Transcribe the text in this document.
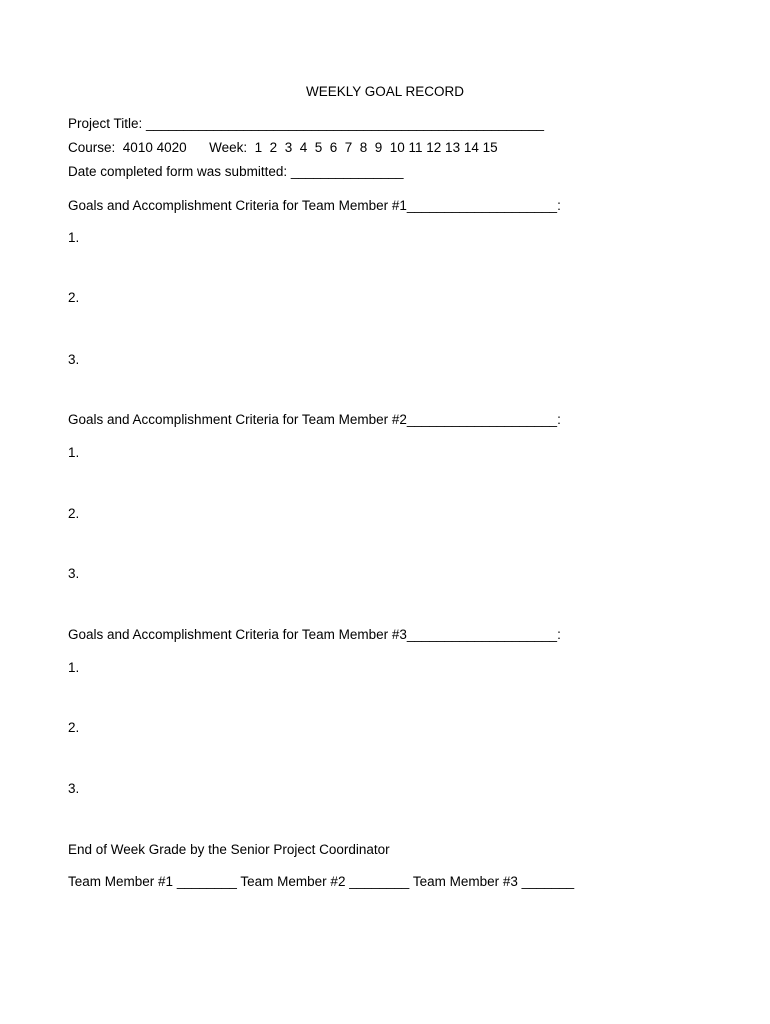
WEEKLY GOAL RECORD
Project Title: _____________________________________________________
Course: 4010 4020 Week: 1  2  3  4  5  6  7  8  9  10 11 12 13 14 15
Date completed form was submitted: _______________
Goals and Accomplishment Criteria for Team Member #1____________________:
1.
2.
3.
Goals and Accomplishment Criteria for Team Member #2____________________:
1.
2.
3.
Goals and Accomplishment Criteria for Team Member #3____________________:
1.
2.
3.
End of Week Grade by the Senior Project Coordinator
Team Member #1 ________ Team Member #2 ________ Team Member #3 _______
